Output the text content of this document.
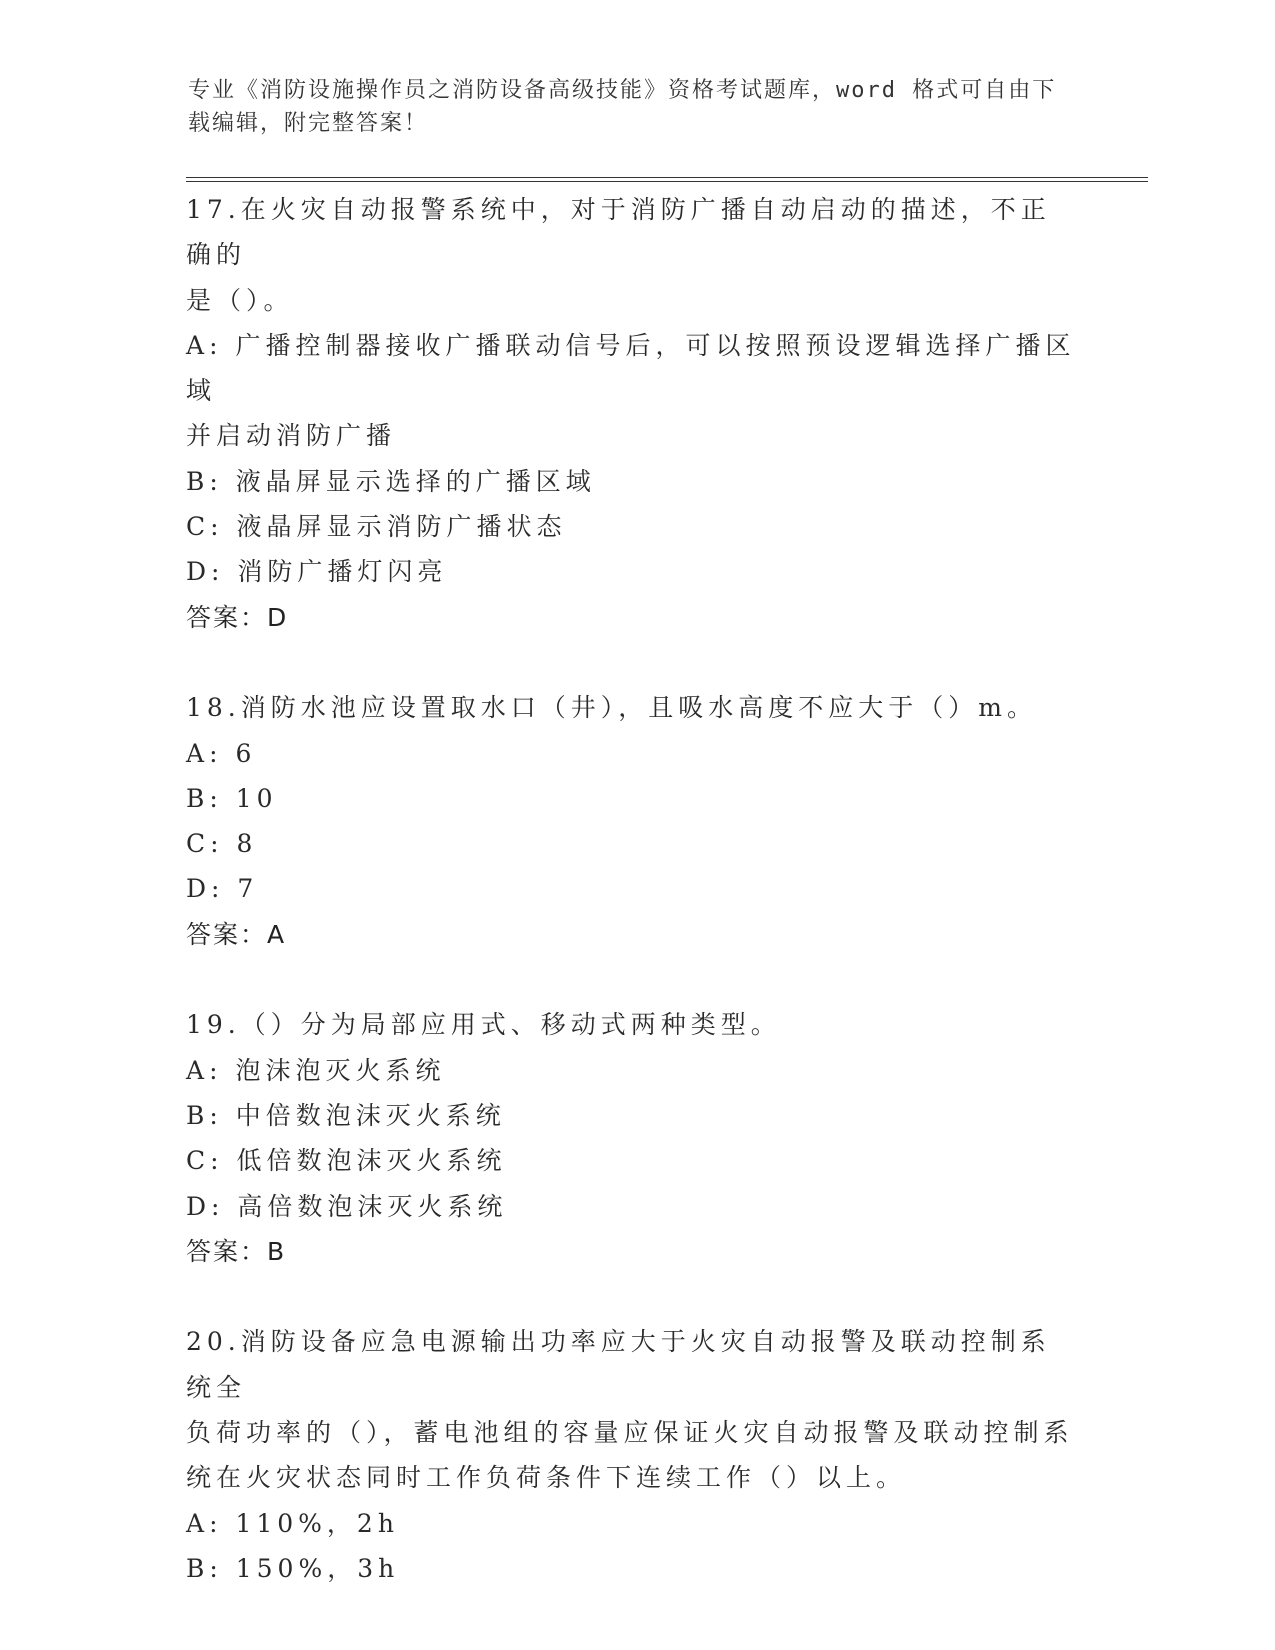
专业《消防设施操作员之消防设备高级技能》资格考试题库，word 格式可自由下
载编辑，附完整答案！

17.在火灾自动报警系统中，对于消防广播自动启动的描述，不正确的

是（）。

A : 广播控制器接收广播联动信号后，可以按照预设逻辑选择广播区域

并启动消防广播

B : 液晶屏显示选择的广播区域

C : 液晶屏显示消防广播状态

D : 消防广播灯闪亮

答案：D

18.消防水池应设置取水口（井），且吸水高度不应大于（）m。

A : 6

B : 10

C : 8

D : 7

答案：A

19.（）分为局部应用式、移动式两种类型。

A : 泡沫泡灭火系统

B : 中倍数泡沫灭火系统

C : 低倍数泡沫灭火系统

D : 高倍数泡沫灭火系统

答案：B

20.消防设备应急电源输出功率应大于火灾自动报警及联动控制系统全

负荷功率的（），蓄电池组的容量应保证火灾自动报警及联动控制系

统在火灾状态同时工作负荷条件下连续工作（）以上。

A : 110%，2h

B : 150%，3h
